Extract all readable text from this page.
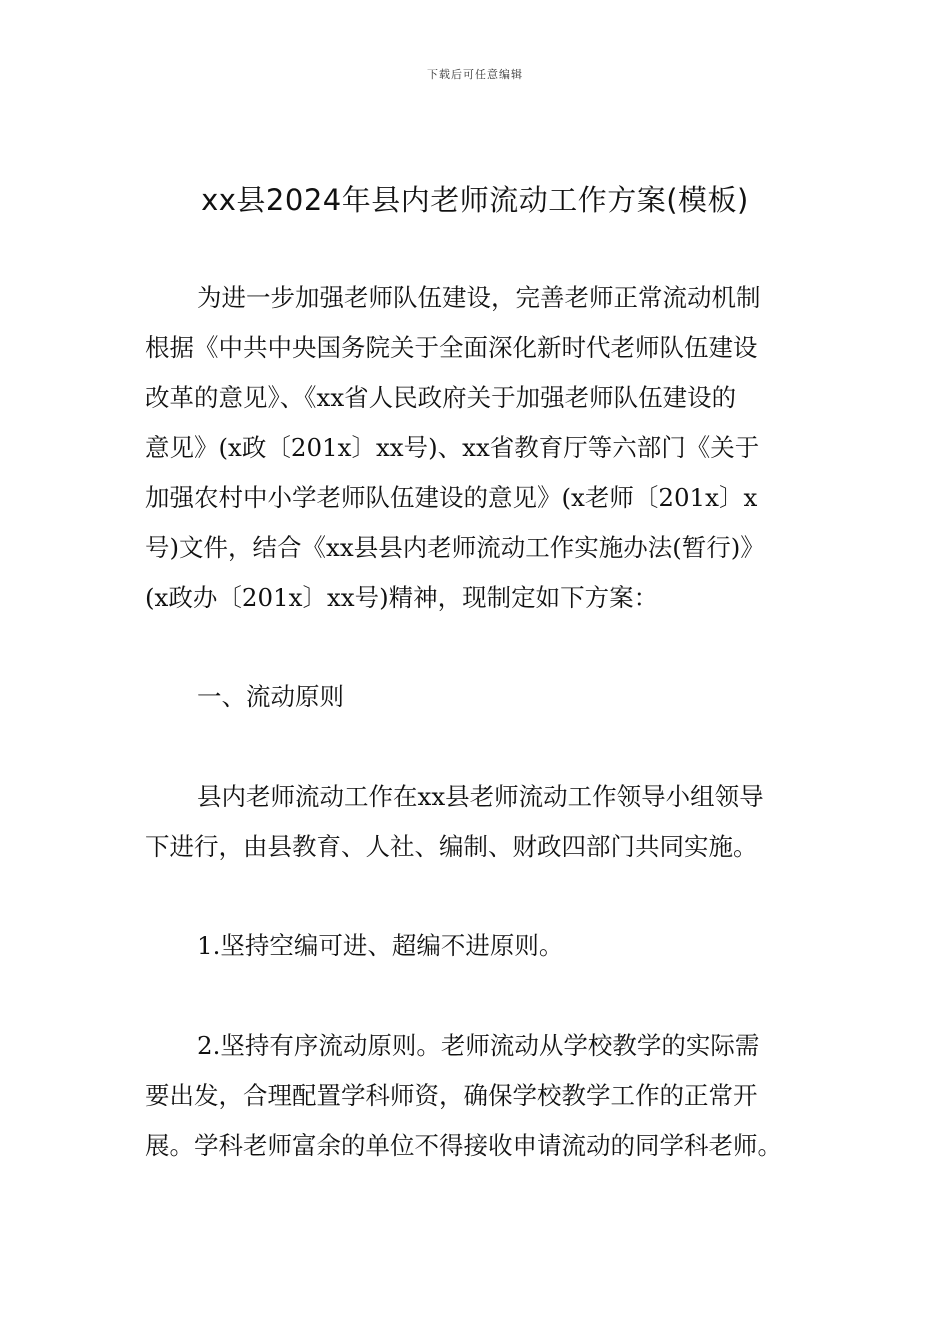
下载后可任意编辑
xx县2024年县内老师流动工作方案(模板)
为进一步加强老师队伍建设，完善老师正常流动机制
根据《中共中央国务院关于全面深化新时代老师队伍建设
改革的意见》、《xx省人民政府关于加强老师队伍建设的
意见》(x政〔201x〕xx号)、xx省教育厅等六部门《关于
加强农村中小学老师队伍建设的意见》(x老师〔201x〕x
号)文件，结合《xx县县内老师流动工作实施办法(暂行)》
(x政办〔201x〕xx号)精神，现制定如下方案：
一、流动原则
县内老师流动工作在xx县老师流动工作领导小组领导
下进行，由县教育、人社、编制、财政四部门共同实施。
1.坚持空编可进、超编不进原则。
2.坚持有序流动原则。老师流动从学校教学的实际需
要出发，合理配置学科师资，确保学校教学工作的正常开
展。学科老师富余的单位不得接收申请流动的同学科老师。
